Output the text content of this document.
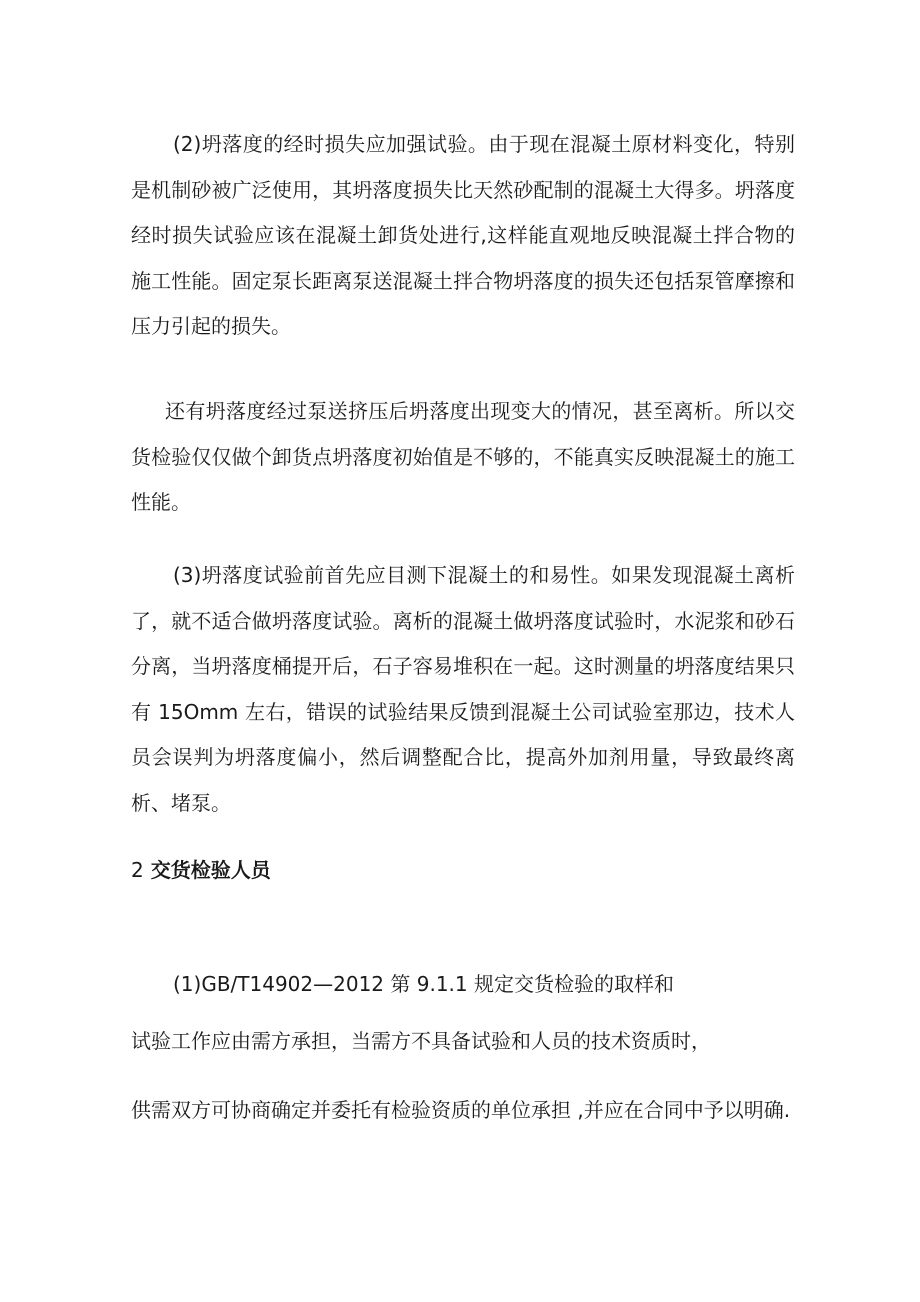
(2)坍落度的经时损失应加强试验。由于现在混凝土原材料变化，特别是机制砂被广泛使用，其坍落度损失比天然砂配制的混凝土大得多。坍落度经时损失试验应该在混凝土卸货处进行,这样能直观地反映混凝土拌合物的施工性能。固定泵长距离泵送混凝土拌合物坍落度的损失还包括泵管摩擦和压力引起的损失。

还有坍落度经过泵送挤压后坍落度出现变大的情况，甚至离析。所以交货检验仅仅做个卸货点坍落度初始值是不够的，不能真实反映混凝土的施工性能。

(3)坍落度试验前首先应目测下混凝土的和易性。如果发现混凝土离析了，就不适合做坍落度试验。离析的混凝土做坍落度试验时，水泥浆和砂石分离，当坍落度桶提开后，石子容易堆积在一起。这时测量的坍落度结果只有 15Omm 左右，错误的试验结果反馈到混凝土公司试验室那边，技术人员会误判为坍落度偏小，然后调整配合比，提高外加剂用量，导致最终离析、堵泵。

2 交货检验人员

(1)GB/T14902—2012 第 9.1.1 规定交货检验的取样和

试验工作应由需方承担，当需方不具备试验和人员的技术资质时，

供需双方可协商确定并委托有检验资质的单位承担 ,并应在合同中予以明确.
